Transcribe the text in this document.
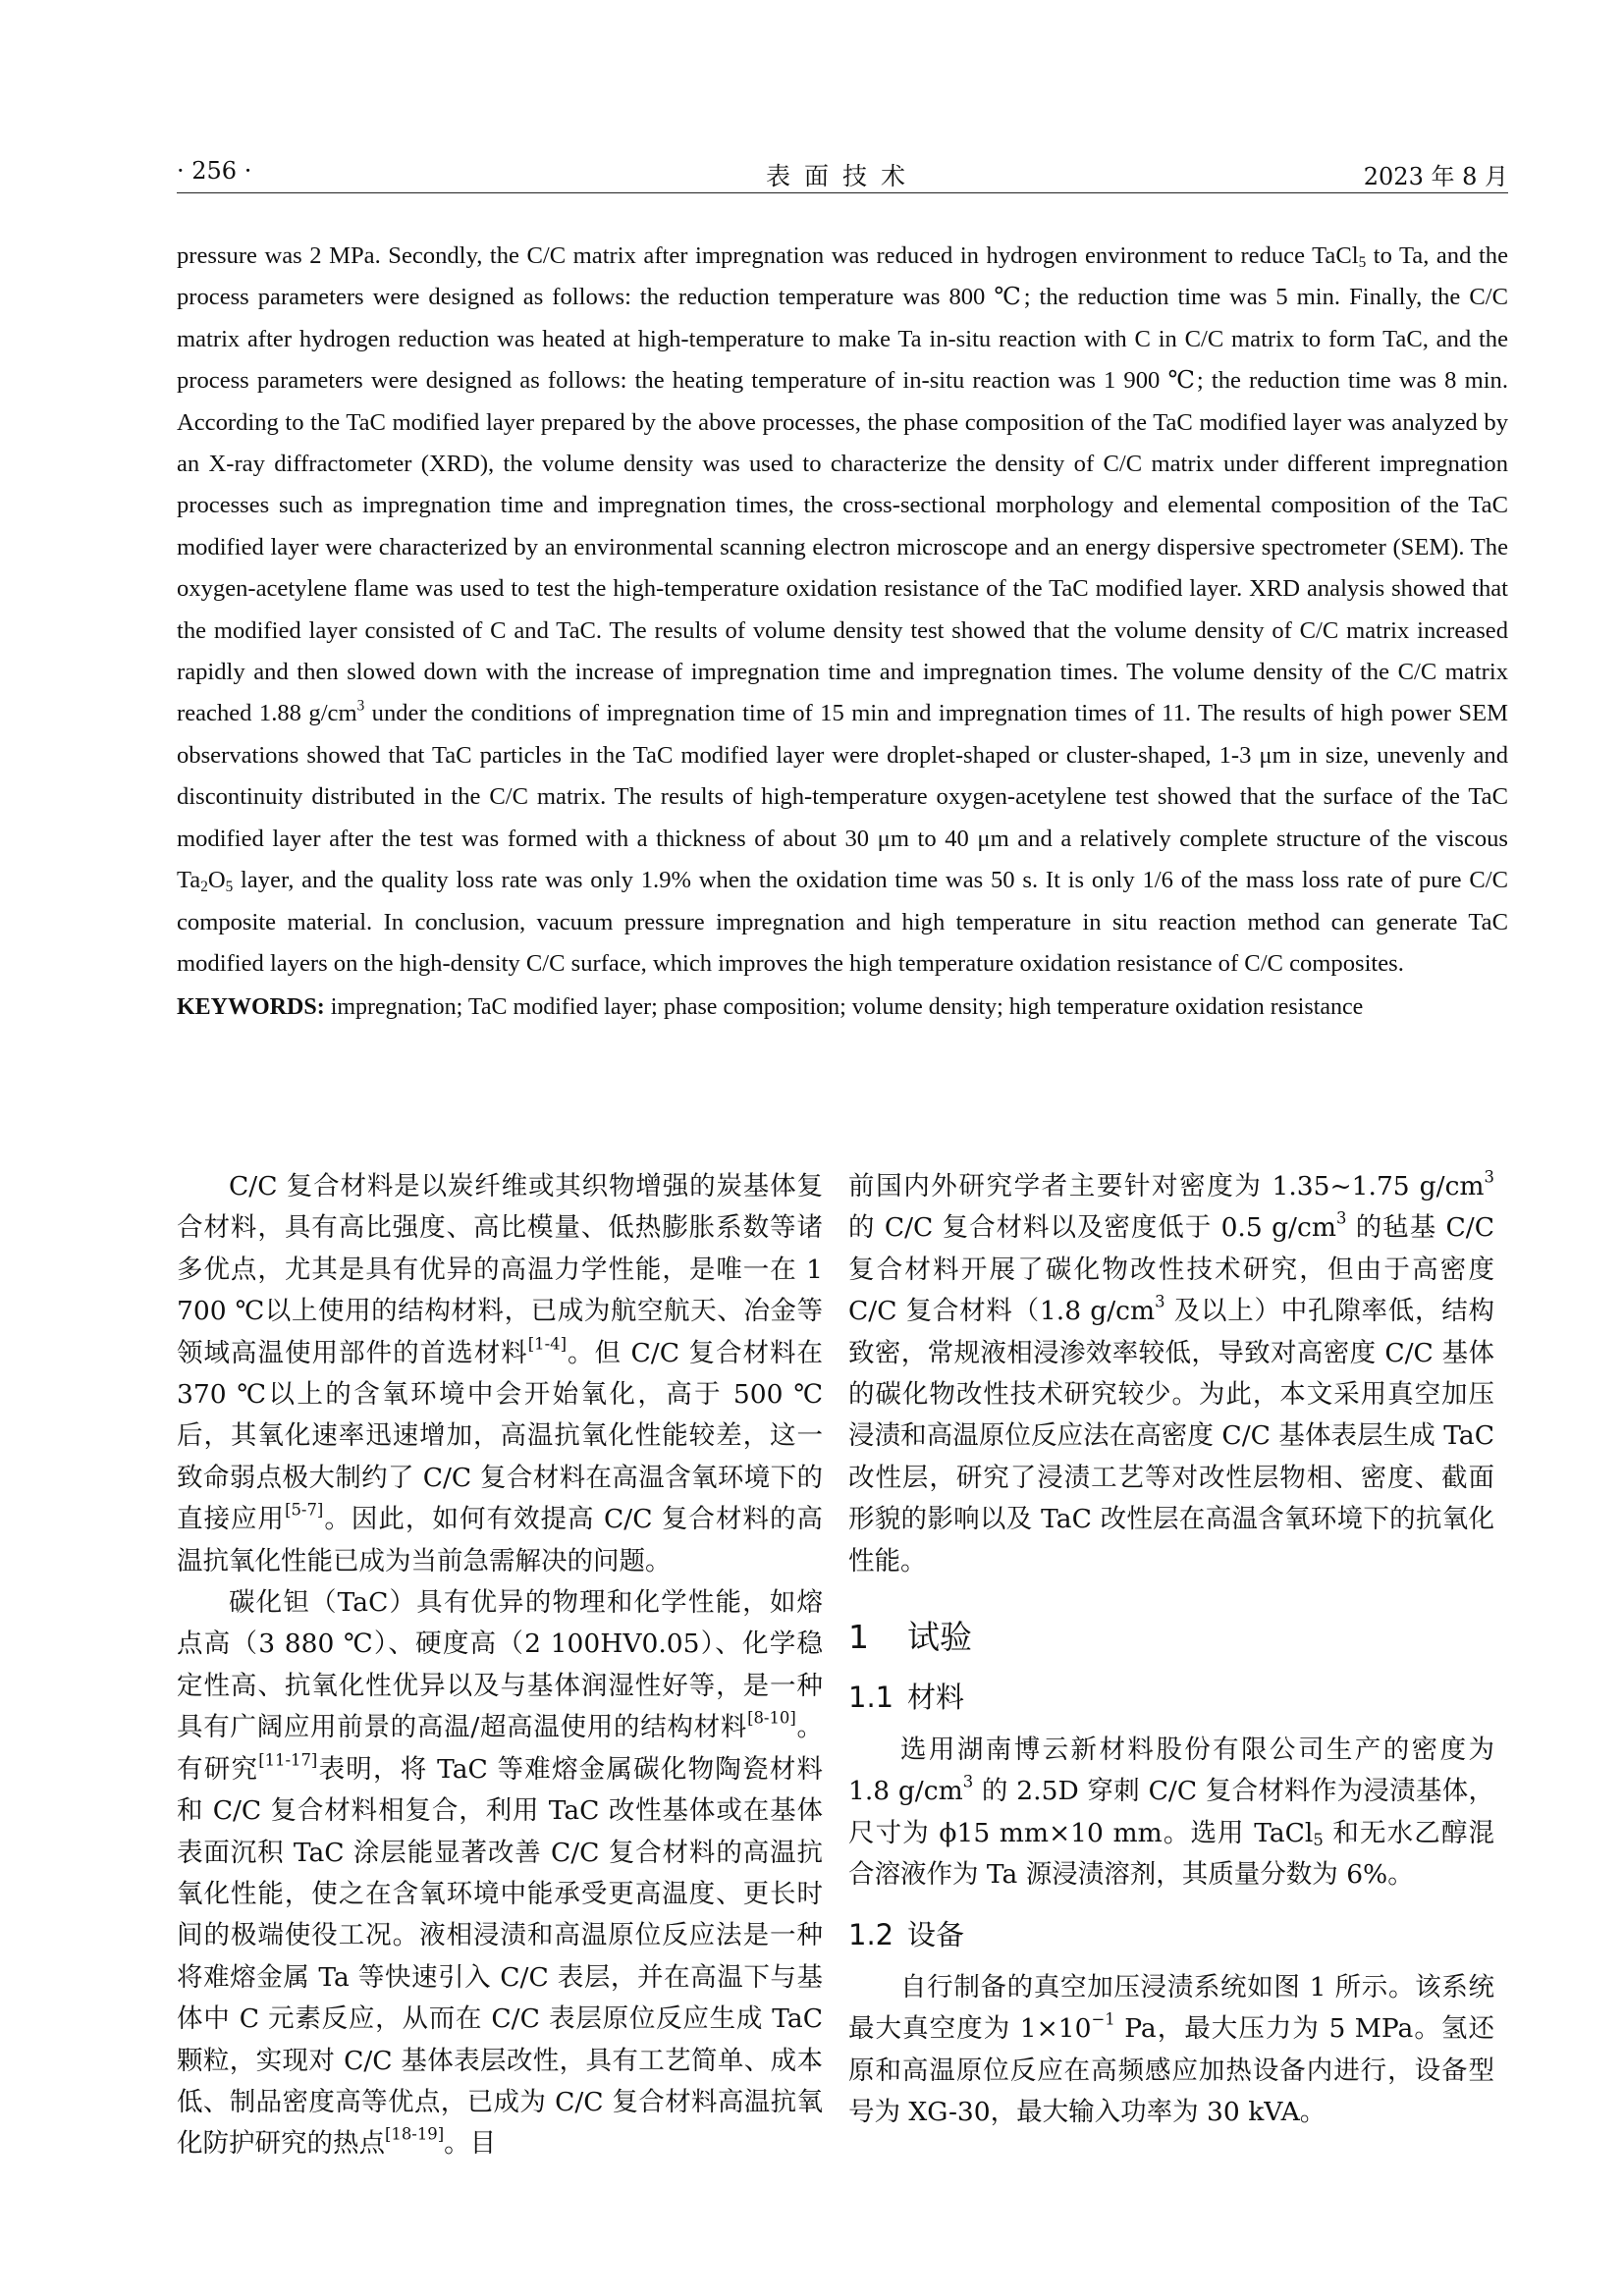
· 256 ·	表面技术	2023 年 8 月

pressure was 2 MPa. Secondly, the C/C matrix after impregnation was reduced in hydrogen environment to reduce TaCl$_5$ to Ta, and the process parameters were designed as follows: the reduction temperature was 800 ℃; the reduction time was 5 min. Finally, the C/C matrix after hydrogen reduction was heated at high-temperature to make Ta in-situ reaction with C in C/C matrix to form TaC, and the process parameters were designed as follows: the heating temperature of in-situ reaction was 1 900 ℃; the reduction time was 8 min. According to the TaC modified layer prepared by the above processes, the phase composition of the TaC modified layer was analyzed by an X-ray diffractometer (XRD), the volume density was used to characterize the density of C/C matrix under different impregnation processes such as impregnation time and impregnation times, the cross-sectional morphology and elemental composition of the TaC modified layer were characterized by an environmental scanning electron microscope and an energy dispersive spectrometer (SEM). The oxygen-acetylene flame was used to test the high-temperature oxidation resistance of the TaC modified layer. XRD analysis showed that the modified layer consisted of C and TaC. The results of volume density test showed that the volume density of C/C matrix increased rapidly and then slowed down with the increase of impregnation time and impregnation times. The volume density of the C/C matrix reached 1.88 $g/cm^3$ under the conditions of impregnation time of 15 min and impregnation times of 11. The results of high power SEM observations showed that TaC particles in the TaC modified layer were droplet-shaped or cluster-shaped, 1-3 μm in size, unevenly and discontinuity distributed in the C/C matrix. The results of high-temperature oxygen-acetylene test showed that the surface of the TaC modified layer after the test was formed with a thickness of about 30 μm to 40 μm and a relatively complete structure of the viscous $Ta_2O_5$ layer, and the quality loss rate was only 1.9% when the oxidation time was 50 s. It is only 1/6 of the mass loss rate of pure C/C composite material. In conclusion, vacuum pressure impregnation and high temperature in situ reaction method can generate TaC modified layers on the high-density C/C surface, which improves the high temperature oxidation resistance of C/C composites.

KEYWORDS: impregnation; TaC modified layer; phase composition; volume density; high temperature oxidation resistance

C/C 复合材料是以炭纤维或其织物增强的炭基体复合材料，具有高比强度、高比模量、低热膨胀系数等诸多优点，尤其是具有优异的高温力学性能，是唯一在 1 700 ℃以上使用的结构材料，已成为航空航天、冶金等领域高温使用部件的首选材料[1-4]。但 C/C 复合材料在 370 ℃以上的含氧环境中会开始氧化，高于 500 ℃后，其氧化速率迅速增加，高温抗氧化性能较差，这一致命弱点极大制约了 C/C 复合材料在高温含氧环境下的直接应用[5-7]。因此，如何有效提高 C/C 复合材料的高温抗氧化性能已成为当前急需解决的问题。

碳化钽（TaC）具有优异的物理和化学性能，如熔点高（3 880 ℃）、硬度高（2 100HV0.05）、化学稳定性高、抗氧化性优异以及与基体润湿性好等，是一种具有广阔应用前景的高温/超高温使用的结构材料[8-10]。有研究[11-17]表明，将 TaC 等难熔金属碳化物陶瓷材料和 C/C 复合材料相复合，利用 TaC 改性基体或在基体表面沉积 TaC 涂层能显著改善 C/C 复合材料的高温抗氧化性能，使之在含氧环境中能承受更高温度、更长时间的极端使役工况。液相浸渍和高温原位反应法是一种将难熔金属 Ta 等快速引入 C/C 表层，并在高温下与基体中 C 元素反应，从而在 C/C 表层原位反应生成 TaC 颗粒，实现对 C/C 基体表层改性，具有工艺简单、成本低、制品密度高等优点，已成为 C/C 复合材料高温抗氧化防护研究的热点[18-19]。目

前国内外研究学者主要针对密度为 1.35~1.75 $g/cm^3$ 的 C/C 复合材料以及密度低于 0.5 $g/cm^3$ 的毡基 C/C 复合材料开展了碳化物改性技术研究，但由于高密度 C/C 复合材料（1.8 $g/cm^3$ 及以上）中孔隙率低，结构致密，常规液相浸渗效率较低，导致对高密度 C/C 基体的碳化物改性技术研究较少。为此，本文采用真空加压浸渍和高温原位反应法在高密度 C/C 基体表层生成 TaC 改性层，研究了浸渍工艺等对改性层物相、密度、截面形貌的影响以及 TaC 改性层在高温含氧环境下的抗氧化性能。

1 试验
1.1 材料

选用湖南博云新材料股份有限公司生产的密度为 1.8 $g/cm^3$ 的 2.5D 穿刺 C/C 复合材料作为浸渍基体，尺寸为 ϕ15 mm×10 mm。选用 TaCl$_5$ 和无水乙醇混合溶液作为 Ta 源浸渍溶剂，其质量分数为 6%。

1.2 设备

自行制备的真空加压浸渍系统如图 1 所示。该系统最大真空度为 $1\times 10^{-1}$ Pa，最大压力为 5 MPa。氢还原和高温原位反应在高频感应加热设备内进行，设备型号为 XG-30，最大输入功率为 30 kVA。
